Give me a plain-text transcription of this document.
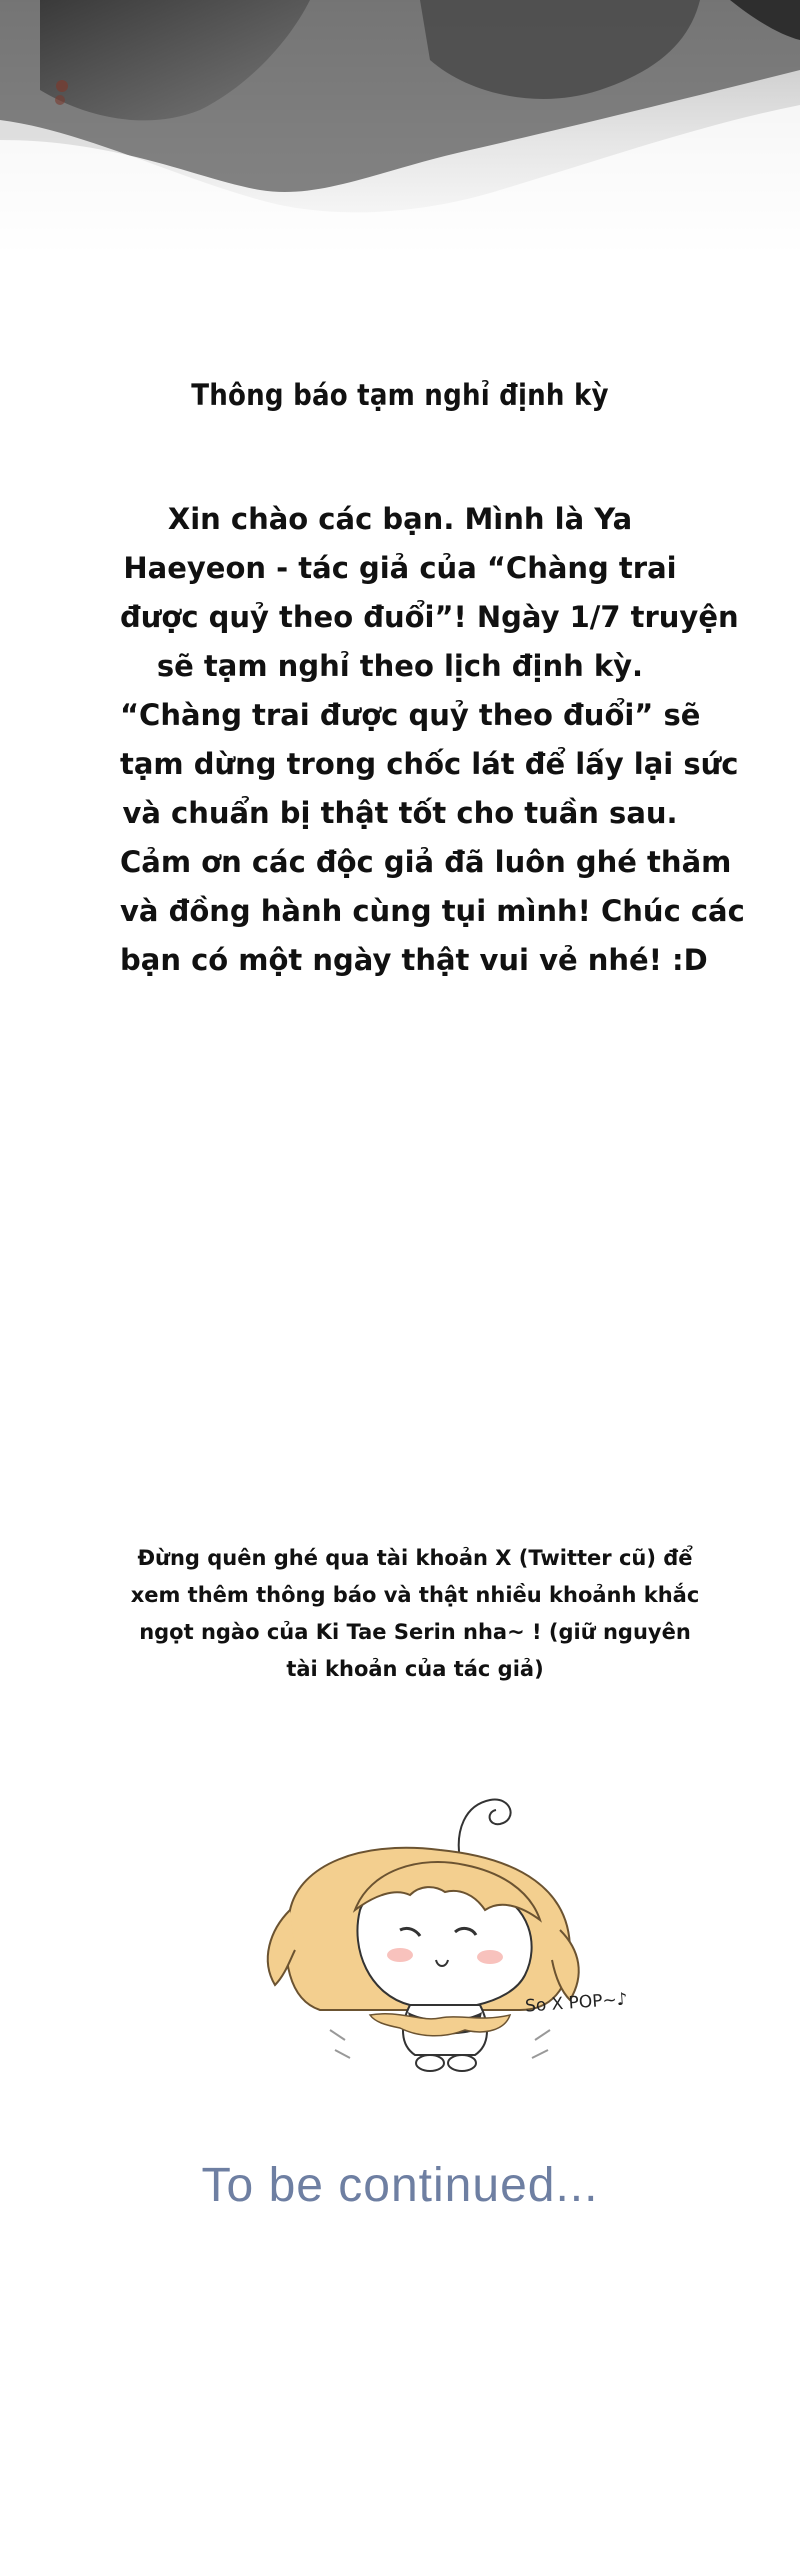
Thông báo tạm nghỉ định kỳ
Xin chào các bạn. Mình là Ya
Haeyeon - tác giả của “Chàng trai
được quỷ theo đuổi”! Ngày 1/7 truyện
sẽ tạm nghỉ theo lịch định kỳ.
“Chàng trai được quỷ theo đuổi” sẽ
tạm dừng trong chốc lát để lấy lại sức
và chuẩn bị thật tốt cho tuần sau.
Cảm ơn các độc giả đã luôn ghé thăm
và đồng hành cùng tụi mình! Chúc các
bạn có một ngày thật vui vẻ nhé! :D
Đừng quên ghé qua tài khoản X (Twitter cũ) để
xem thêm thông báo và thật nhiều khoảnh khắc
ngọt ngào của Ki Tae Serin nha~ ! (giữ nguyên
tài khoản của tác giả)
So X POP~♪
To be continued...
